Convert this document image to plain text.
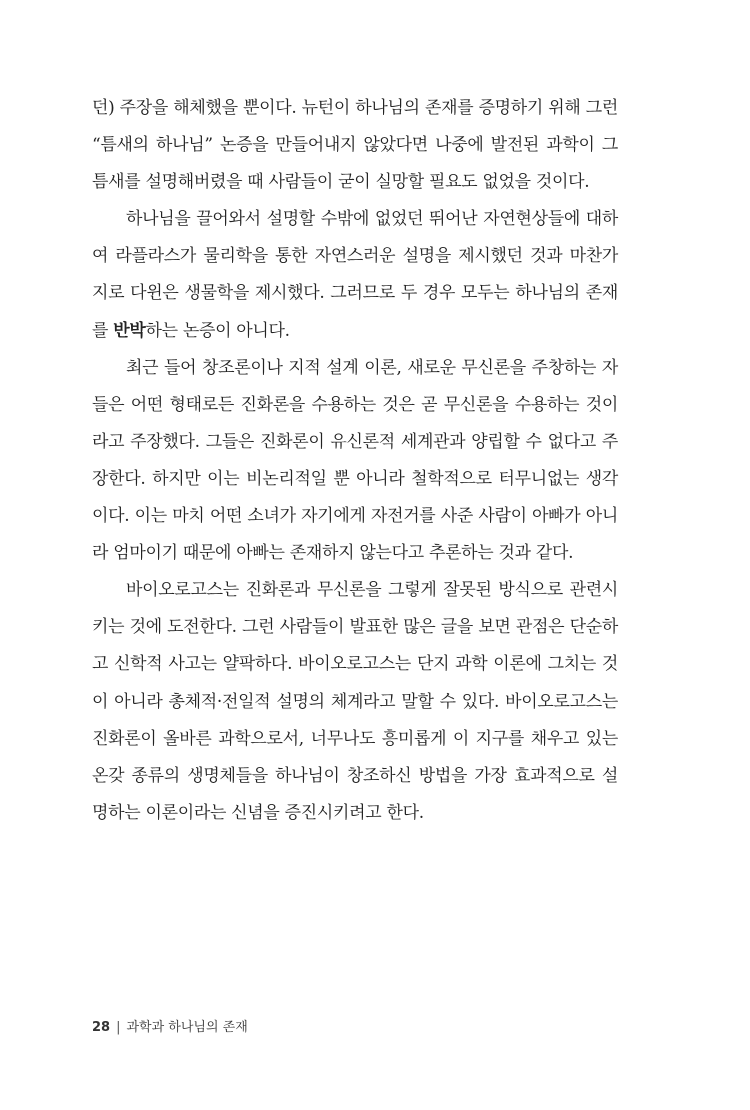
던) 주장을 해체했을 뿐이다. 뉴턴이 하나님의 존재를 증명하기 위해 그런
“틈새의 하나님” 논증을 만들어내지 않았다면 나중에 발전된 과학이 그
틈새를 설명해버렸을 때 사람들이 굳이 실망할 필요도 없었을 것이다.
하나님을 끌어와서 설명할 수밖에 없었던 뛰어난 자연현상들에 대하
여 라플라스가 물리학을 통한 자연스러운 설명을 제시했던 것과 마찬가
지로 다윈은 생물학을 제시했다. 그러므로 두 경우 모두는 하나님의 존재
를 반박하는 논증이 아니다.
최근 들어 창조론이나 지적 설계 이론, 새로운 무신론을 주창하는 자
들은 어떤 형태로든 진화론을 수용하는 것은 곧 무신론을 수용하는 것이
라고 주장했다. 그들은 진화론이 유신론적 세계관과 양립할 수 없다고 주
장한다. 하지만 이는 비논리적일 뿐 아니라 철학적으로 터무니없는 생각
이다. 이는 마치 어떤 소녀가 자기에게 자전거를 사준 사람이 아빠가 아니
라 엄마이기 때문에 아빠는 존재하지 않는다고 추론하는 것과 같다.
바이오로고스는 진화론과 무신론을 그렇게 잘못된 방식으로 관련시
키는 것에 도전한다. 그런 사람들이 발표한 많은 글을 보면 관점은 단순하
고 신학적 사고는 얄팍하다. 바이오로고스는 단지 과학 이론에 그치는 것
이 아니라 총체적·전일적 설명의 체계라고 말할 수 있다. 바이오로고스는
진화론이 올바른 과학으로서, 너무나도 흥미롭게 이 지구를 채우고 있는
온갖 종류의 생명체들을 하나님이 창조하신 방법을 가장 효과적으로 설
명하는 이론이라는 신념을 증진시키려고 한다.
28 | 과학과 하나님의 존재
